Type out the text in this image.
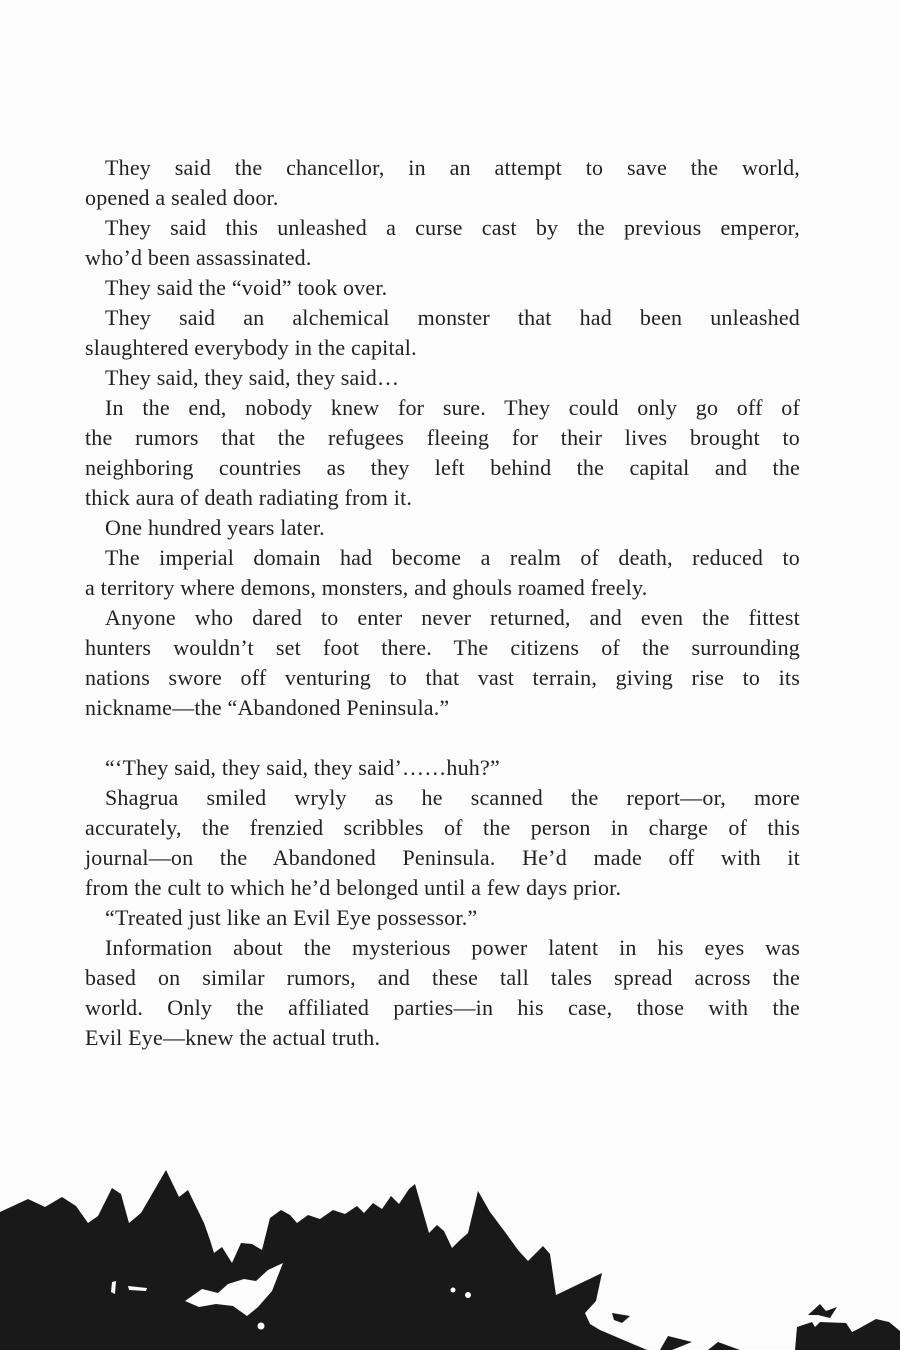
They said the chancellor, in an attempt to save the world,
opened a sealed door.
They said this unleashed a curse cast by the previous emperor,
who’d been assassinated.
They said the “void” took over.
They said an alchemical monster that had been unleashed
slaughtered everybody in the capital.
They said, they said, they said…
In the end, nobody knew for sure. They could only go off of
the rumors that the refugees fleeing for their lives brought to
neighboring countries as they left behind the capital and the
thick aura of death radiating from it.
One hundred years later.
The imperial domain had become a realm of death, reduced to
a territory where demons, monsters, and ghouls roamed freely.
Anyone who dared to enter never returned, and even the fittest
hunters wouldn’t set foot there. The citizens of the surrounding
nations swore off venturing to that vast terrain, giving rise to its
nickname—the “Abandoned Peninsula.”
“‘They said, they said, they said’……huh?”
Shagrua smiled wryly as he scanned the report—or, more
accurately, the frenzied scribbles of the person in charge of this
journal—on the Abandoned Peninsula. He’d made off with it
from the cult to which he’d belonged until a few days prior.
“Treated just like an Evil Eye possessor.”
Information about the mysterious power latent in his eyes was
based on similar rumors, and these tall tales spread across the
world. Only the affiliated parties—in his case, those with the
Evil Eye—knew the actual truth.
